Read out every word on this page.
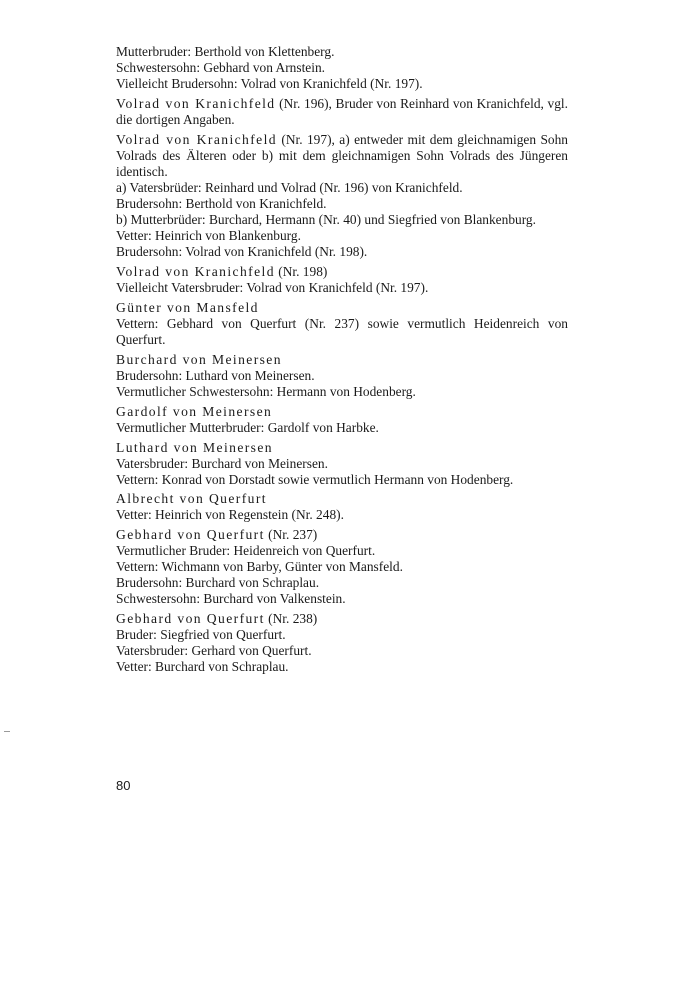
Mutterbruder: Berthold von Klettenberg.
Schwestersohn: Gebhard von Arnstein.
Vielleicht Brudersohn: Volrad von Kranichfeld (Nr. 197).
Volrad von Kranichfeld (Nr. 196), Bruder von Reinhard von Kranichfeld, vgl. die dortigen Angaben.
Volrad von Kranichfeld (Nr. 197), a) entweder mit dem gleichnamigen Sohn Volrads des Älteren oder b) mit dem gleichnamigen Sohn Volrads des Jüngeren identisch.
a) Vatersbrüder: Reinhard und Volrad (Nr. 196) von Kranichfeld.
Brudersohn: Berthold von Kranichfeld.
b) Mutterbrüder: Burchard, Hermann (Nr. 40) und Siegfried von Blankenburg.
Vetter: Heinrich von Blankenburg.
Brudersohn: Volrad von Kranichfeld (Nr. 198).
Volrad von Kranichfeld (Nr. 198)
Vielleicht Vatersbruder: Volrad von Kranichfeld (Nr. 197).
Günter von Mansfeld
Vettern: Gebhard von Querfurt (Nr. 237) sowie vermutlich Heidenreich von Querfurt.
Burchard von Meinersen
Brudersohn: Luthard von Meinersen.
Vermutlicher Schwestersohn: Hermann von Hodenberg.
Gardolf von Meinersen
Vermutlicher Mutterbruder: Gardolf von Harbke.
Luthard von Meinersen
Vatersbruder: Burchard von Meinersen.
Vettern: Konrad von Dorstadt sowie vermutlich Hermann von Hodenberg.
Albrecht von Querfurt
Vetter: Heinrich von Regenstein (Nr. 248).
Gebhard von Querfurt (Nr. 237)
Vermutlicher Bruder: Heidenreich von Querfurt.
Vettern: Wichmann von Barby, Günter von Mansfeld.
Brudersohn: Burchard von Schraplau.
Schwestersohn: Burchard von Valkenstein.
Gebhard von Querfurt (Nr. 238)
Bruder: Siegfried von Querfurt.
Vatersbruder: Gerhard von Querfurt.
Vetter: Burchard von Schraplau.
80
